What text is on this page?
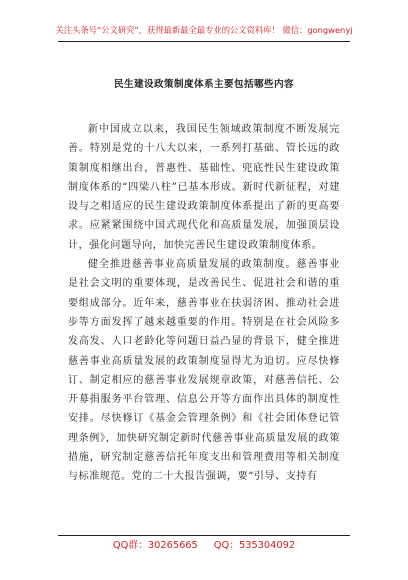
关注头条号“公文研究”，获得最新最全最专业的公文资料库！ 微信：gongwenyj
民生建设政策制度体系主要包括哪些内容

新中国成立以来，我国民生领域政策制度不断发展完善。特别是党的十八大以来，一系列打基础、管长远的政策制度相继出台，普惠性、基础性、兜底性民生建设政策制度体系的“四梁八柱”已基本形成。新时代新征程，对建设与之相适应的民生建设政策制度体系提出了新的更高要求。应紧紧围绕中国式现代化和高质量发展，加强顶层设计，强化问题导向，加快完善民生建设政策制度体系。

健全推进慈善事业高质量发展的政策制度。慈善事业是社会文明的重要体现，是改善民生、促进社会和谐的重要组成部分。近年来，慈善事业在扶弱济困、推动社会进步等方面发挥了越来越重要的作用。特别是在社会风险多发高发、人口老龄化等问题日益凸显的背景下，健全推进慈善事业高质量发展的政策制度显得尤为迫切。应尽快修订、制定相应的慈善事业发展规章政策，对慈善信托、公开募捐服务平台管理、信息公开等方面作出具体的制度性安排。尽快修订《基金会管理条例》和《社会团体登记管理条例》，加快研究制定新时代慈善事业高质量发展的政策措施，研究制定慈善信托年度支出和管理费用等相关制度与标准规范。党的二十大报告强调，要“引导、支持有

QQ群：30265665 QQ：535304092
